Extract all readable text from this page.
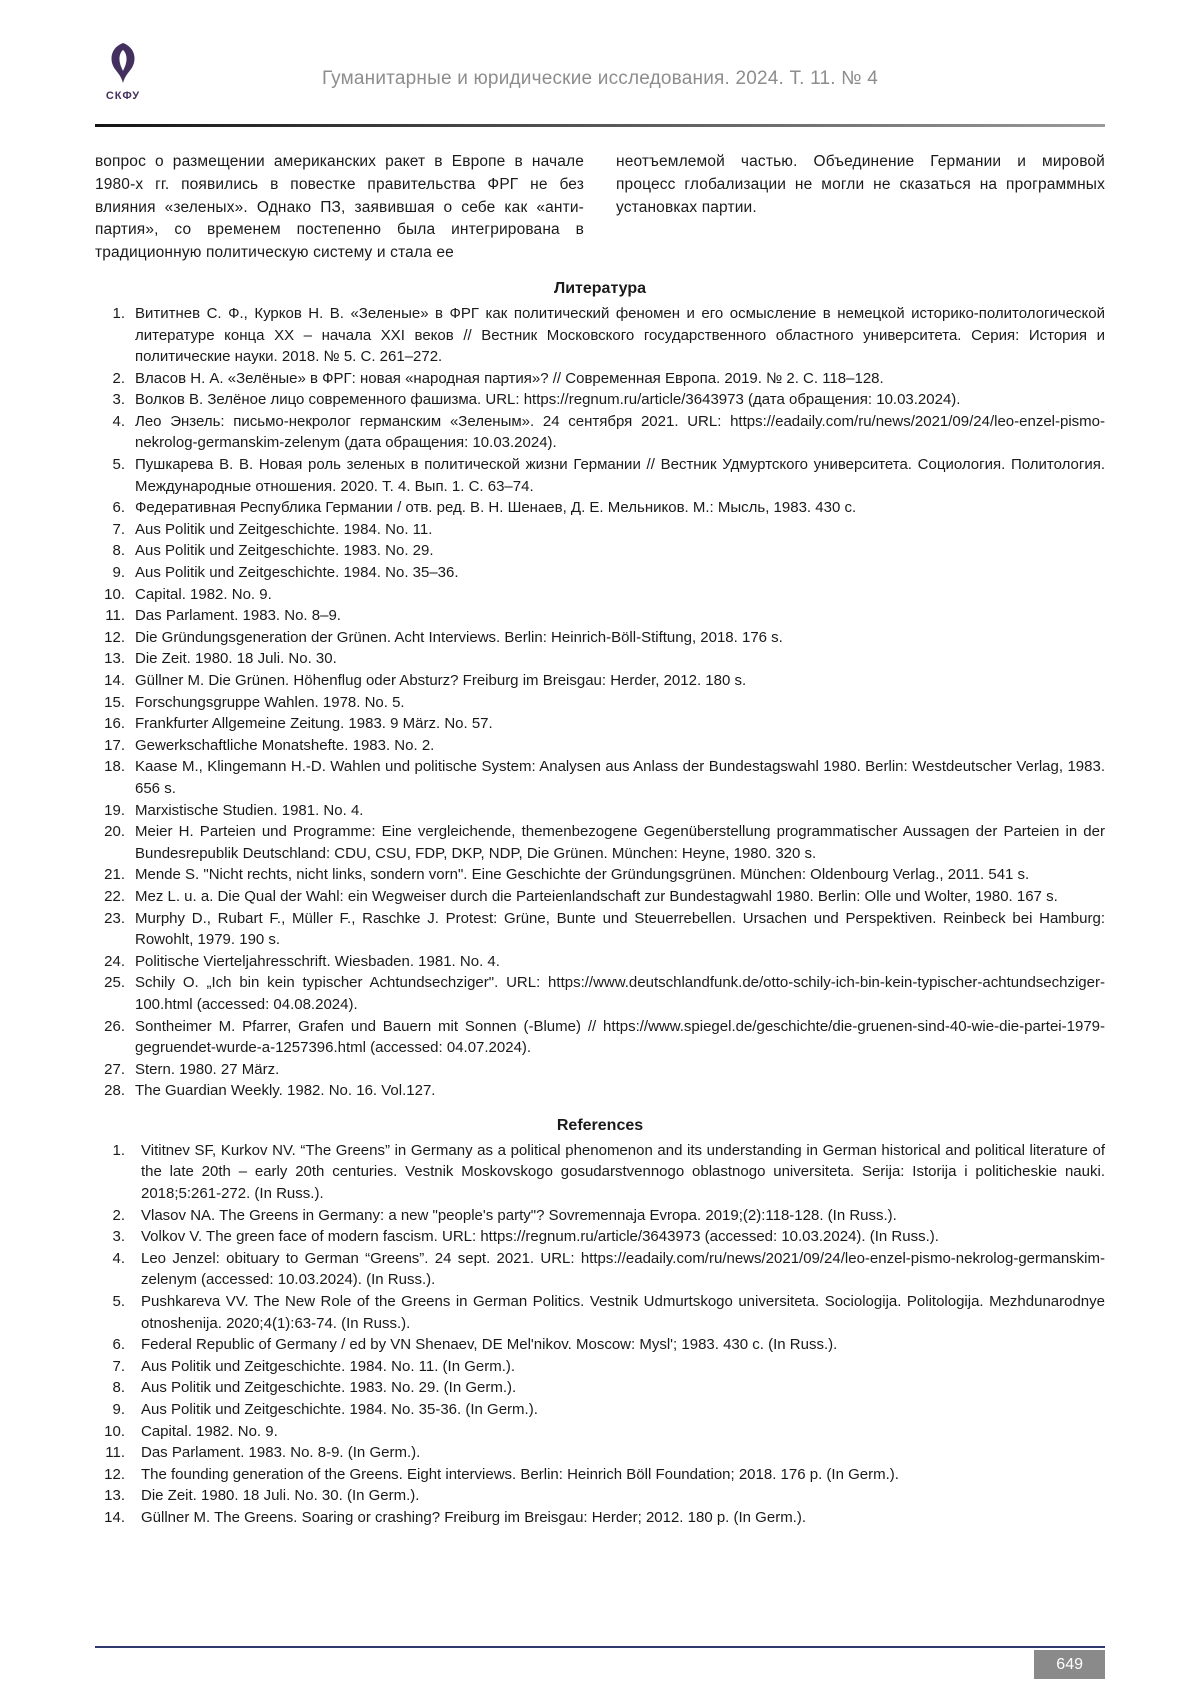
СКФУ
Гуманитарные и юридические исследования. 2024. Т. 11. № 4

вопрос о размещении американских ракет в Европе в начале 1980-х гг. появились в повестке правительства ФРГ не без влияния «зеленых». Однако ПЗ, заявившая о себе как «анти-партия», со временем постепенно была интегрирована в традиционную политическую систему и стала ее

неотъемлемой частью. Объединение Германии и мировой процесс глобализации не могли не сказаться на программных установках партии.

Литература
1. Вититнев С. Ф., Курков Н. В. «Зеленые» в ФРГ как политический феномен и его осмысление в немецкой историко-политологической литературе конца XX – начала XXI веков // Вестник Московского государственного областного университета. Серия: История и политические науки. 2018. № 5. С. 261–272.
2. Власов Н. А. «Зелёные» в ФРГ: новая «народная партия»? // Современная Европа. 2019. № 2. С. 118–128.
3. Волков В. Зелёное лицо современного фашизма. URL: https://regnum.ru/article/3643973 (дата обращения: 10.03.2024).
4. Лео Энзель: письмо-некролог германским «Зеленым». 24 сентября 2021. URL: https://eadaily.com/ru/news/2021/09/24/leo-enzel-pismo-nekrolog-germanskim-zelenym (дата обращения: 10.03.2024).
5. Пушкарева В. В. Новая роль зеленых в политической жизни Германии // Вестник Удмуртского университета. Социология. Политология. Международные отношения. 2020. Т. 4. Вып. 1. С. 63–74.
6. Федеративная Республика Германии / отв. ред. В. Н. Шенаев, Д. Е. Мельников. М.: Мысль, 1983. 430 с.
7. Aus Politik und Zeitgeschichte. 1984. No. 11.
8. Aus Politik und Zeitgeschichte. 1983. No. 29.
9. Aus Politik und Zeitgeschichte. 1984. No. 35–36.
10. Capital. 1982. No. 9.
11. Das Parlament. 1983. No. 8–9.
12. Die Gründungsgeneration der Grünen. Acht Interviews. Berlin: Heinrich-Böll-Stiftung, 2018. 176 s.
13. Die Zeit. 1980. 18 Juli. No. 30.
14. Güllner M. Die Grünen. Höhenflug oder Absturz? Freiburg im Breisgau: Herder, 2012. 180 s.
15. Forschungsgruppe Wahlen. 1978. No. 5.
16. Frankfurter Allgemeine Zeitung. 1983. 9 März. No. 57.
17. Gewerkschaftliche Monatshefte. 1983. No. 2.
18. Kaase M., Klingemann H.-D. Wahlen und politische System: Analysen aus Anlass der Bundestagswahl 1980. Berlin: Westdeutscher Verlag, 1983. 656 s.
19. Marxistische Studien. 1981. No. 4.
20. Meier H. Parteien und Programme: Eine vergleichende, themenbezogene Gegenüberstellung programmatischer Aussagen der Parteien in der Bundesrepublik Deutschland: CDU, CSU, FDP, DKP, NDP, Die Grünen. München: Heyne, 1980. 320 s.
21. Mende S. "Nicht rechts, nicht links, sondern vorn". Eine Geschichte der Gründungsgrünen. München: Oldenbourg Verlag., 2011. 541 s.
22. Mez L. u. a. Die Qual der Wahl: ein Wegweiser durch die Parteienlandschaft zur Bundestagwahl 1980. Berlin: Olle und Wolter, 1980. 167 s.
23. Murphy D., Rubart F., Müller F., Raschke J. Protest: Grüne, Bunte und Steuerrebellen. Ursachen und Perspektiven. Reinbeck bei Hamburg: Rowohlt, 1979. 190 s.
24. Politische Vierteljahresschrift. Wiesbaden. 1981. No. 4.
25. Schily O. „Ich bin kein typischer Achtundsechziger". URL: https://www.deutschlandfunk.de/otto-schily-ich-bin-kein-typischer-achtundsechziger-100.html (accessed: 04.08.2024).
26. Sontheimer M. Pfarrer, Grafen und Bauern mit Sonnen (-Blume) // https://www.spiegel.de/geschichte/die-gruenen-sind-40-wie-die-partei-1979-gegruendet-wurde-a-1257396.html (accessed: 04.07.2024).
27. Stern. 1980. 27 März.
28. The Guardian Weekly. 1982. No. 16. Vol.127.
References
1. Vititnev SF, Kurkov NV. “The Greens” in Germany as a political phenomenon and its understanding in German historical and political literature of the late 20th – early 20th centuries. Vestnik Moskovskogo gosudarstvennogo oblastnogo universiteta. Serija: Istorija i politicheskie nauki. 2018;5:261-272. (In Russ.).
2. Vlasov NA. The Greens in Germany: a new "people's party"? Sovremennaja Evropa. 2019;(2):118-128. (In Russ.).
3. Volkov V. The green face of modern fascism. URL: https://regnum.ru/article/3643973 (accessed: 10.03.2024). (In Russ.).
4. Leo Jenzel: obituary to German “Greens”. 24 sept. 2021. URL: https://eadaily.com/ru/news/2021/09/24/leo-enzel-pismo-nekrolog-germanskim-zelenym (accessed: 10.03.2024). (In Russ.).
5. Pushkareva VV. The New Role of the Greens in German Politics. Vestnik Udmurtskogo universiteta. Sociologija. Politologija. Mezhdunarodnye otnoshenija. 2020;4(1):63-74. (In Russ.).
6. Federal Republic of Germany / ed by VN Shenaev, DE Mel'nikov. Moscow: Mysl'; 1983. 430 c. (In Russ.).
7. Aus Politik und Zeitgeschichte. 1984. No. 11. (In Germ.).
8. Aus Politik und Zeitgeschichte. 1983. No. 29. (In Germ.).
9. Aus Politik und Zeitgeschichte. 1984. No. 35-36. (In Germ.).
10. Capital. 1982. No. 9.
11. Das Parlament. 1983. No. 8-9. (In Germ.).
12. The founding generation of the Greens. Eight interviews. Berlin: Heinrich Böll Foundation; 2018. 176 p. (In Germ.).
13. Die Zeit. 1980. 18 Juli. No. 30. (In Germ.).
14. Güllner M. The Greens. Soaring or crashing? Freiburg im Breisgau: Herder; 2012. 180 p. (In Germ.).
649
